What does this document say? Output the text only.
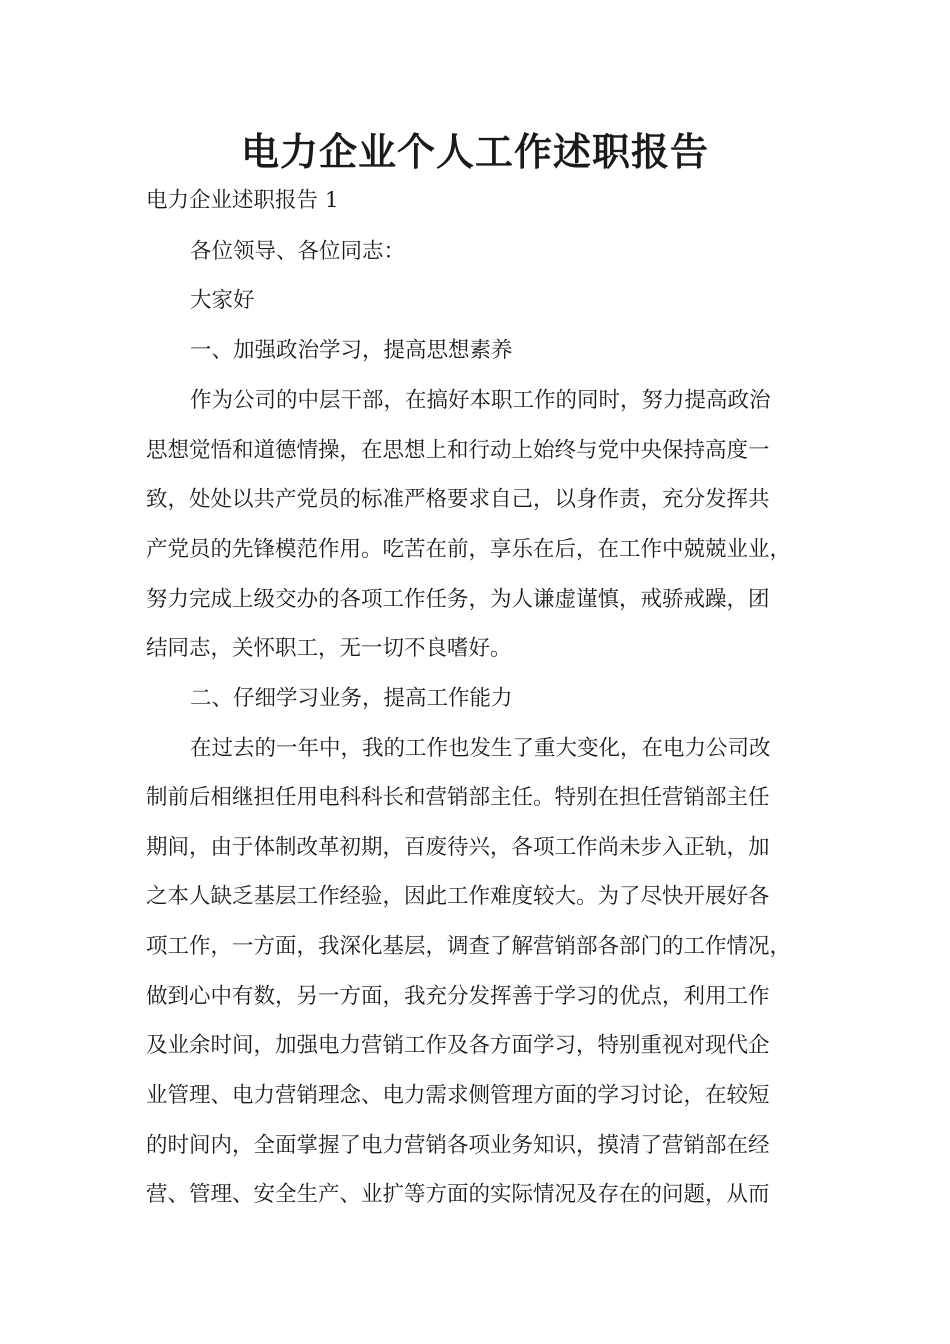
电力企业个人工作述职报告

电力企业述职报告 1

各位领导、各位同志：

大家好

一、加强政治学习，提高思想素养

作为公司的中层干部，在搞好本职工作的同时，努力提高政治

思想觉悟和道德情操，在思想上和行动上始终与党中央保持高度一

致，处处以共产党员的标准严格要求自己，以身作责，充分发挥共

产党员的先锋模范作用。吃苦在前，享乐在后，在工作中兢兢业业，

努力完成上级交办的各项工作任务，为人谦虚谨慎，戒骄戒躁，团

结同志，关怀职工，无一切不良嗜好。

二、仔细学习业务，提高工作能力

在过去的一年中，我的工作也发生了重大变化，在电力公司改

制前后相继担任用电科科长和营销部主任。特别在担任营销部主任

期间，由于体制改革初期，百废待兴，各项工作尚未步入正轨，加

之本人缺乏基层工作经验，因此工作难度较大。为了尽快开展好各

项工作，一方面，我深化基层，调查了解营销部各部门的工作情况，

做到心中有数，另一方面，我充分发挥善于学习的优点，利用工作

及业余时间，加强电力营销工作及各方面学习，特别重视对现代企

业管理、电力营销理念、电力需求侧管理方面的学习讨论，在较短

的时间内，全面掌握了电力营销各项业务知识，摸清了营销部在经

营、管理、安全生产、业扩等方面的实际情况及存在的问题，从而
